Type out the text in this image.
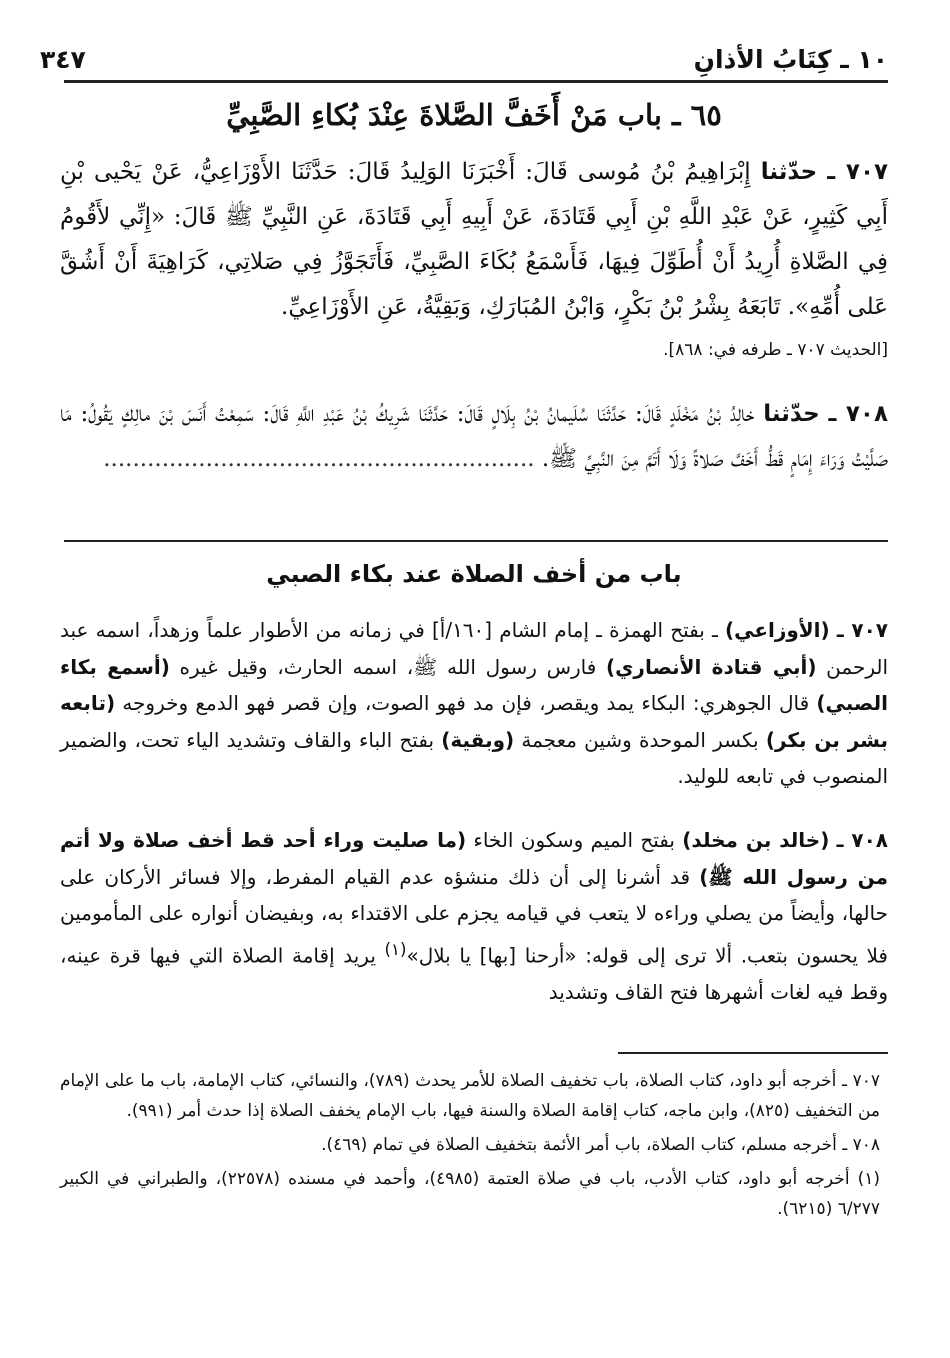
١٠ ـ كِتَابُ الأذانِ
٣٤٧
٦٥ ـ باب مَنْ أَخَفَّ الصَّلاةَ عِنْدَ بُكاءِ الصَّبِيِّ
٧٠٧ ـ حدّثنا إِبْرَاهِيمُ بْنُ مُوسى قَالَ: أَخْبَرَنَا الوَلِيدُ قَالَ: حَدَّثَنَا الأَوْزَاعِيُّ، عَنْ يَحْيى بْنِ أَبِي كَثِيرٍ، عَنْ عَبْدِ اللَّهِ بْنِ أَبِي قَتَادَةَ، عَنْ أَبِيهِ أَبِي قَتَادَةَ، عَنِ النَّبِيِّ ﷺ قَالَ: «إِنِّي لأَقُومُ فِي الصَّلاةِ أُرِيدُ أَنْ أُطَوِّلَ فِيهَا، فَأَسْمَعُ بُكَاءَ الصَّبِيِّ، فَأَتَجَوَّزُ فِي صَلاتِي، كَرَاهِيَةَ أَنْ أَشُقَّ عَلى أُمِّهِ». تَابَعَهُ بِشْرُ بْنُ بَكْرٍ، وَابْنُ المُبَارَكِ، وَبَقِيَّةُ، عَنِ الأَوْزَاعِيِّ.
[الحديث ٧٠٧ ـ طرفه في: ٨٦٨].
٧٠٨ ـ حدّثنا خالِدُ بْنُ مَخْلَدٍ قَالَ: حَدَّثَنَا سُلَيمانُ بْنُ بِلَالٍ قَالَ: حَدَّثَنَا شَرِيكُ بْنُ عَبْدِ اللَّهِ قَالَ: سَمِعْتُ أَنَسَ بْنَ مالِكٍ يَقُولُ: مَا صَلَّيْتُ وَرَاءَ إِمَامٍ قَطُّ أَخَفَّ صَلاةً وَلَا أَتَمَّ مِنَ النَّبِيِّ ﷺ. ...........................................................
باب من أخف الصلاة عند بكاء الصبي
٧٠٧ ـ (الأوزاعي) ـ بفتح الهمزة ـ إمام الشام [١٦٠/أ] في زمانه من الأطوار علماً وزهداً، اسمه عبد الرحمن (أبي قتادة الأنصاري) فارس رسول الله ﷺ، اسمه الحارث، وقيل غيره (أسمع بكاء الصبي) قال الجوهري: البكاء يمد ويقصر، فإن مد فهو الصوت، وإن قصر فهو الدمع وخروجه (تابعه بشر بن بكر) بكسر الموحدة وشين معجمة (وبقية) بفتح الباء والقاف وتشديد الياء تحت، والضمير المنصوب في تابعه للوليد.
٧٠٨ ـ (خالد بن مخلد) بفتح الميم وسكون الخاء (ما صليت وراء أحد قط أخف صلاة ولا أتم من رسول الله ﷺ) قد أشرنا إلى أن ذلك منشؤه عدم القيام المفرط، وإلا فسائر الأركان على حالها، وأيضاً من يصلي وراءه لا يتعب في قيامه يجزم على الاقتداء به، وبفيضان أنواره على المأمومين فلا يحسون بتعب. ألا ترى إلى قوله: «أرحنا [بها] يا بلال»$^{(١)}$ يريد إقامة الصلاة التي فيها قرة عينه، وقط فيه لغات أشهرها فتح القاف وتشديد
٧٠٧ ـ أخرجه أبو داود، كتاب الصلاة، باب تخفيف الصلاة للأمر يحدث (٧٨٩)، والنسائي، كتاب الإمامة، باب ما على الإمام من التخفيف (٨٢٥)، وابن ماجه، كتاب إقامة الصلاة والسنة فيها، باب الإمام يخفف الصلاة إذا حدث أمر (٩٩١).
٧٠٨ ـ أخرجه مسلم، كتاب الصلاة، باب أمر الأئمة بتخفيف الصلاة في تمام (٤٦٩).
(١) أخرجه أبو داود، كتاب الأدب، باب في صلاة العتمة (٤٩٨٥)، وأحمد في مسنده (٢٢٥٧٨)، والطبراني في الكبير ٦/٢٧٧ (٦٢١٥).
